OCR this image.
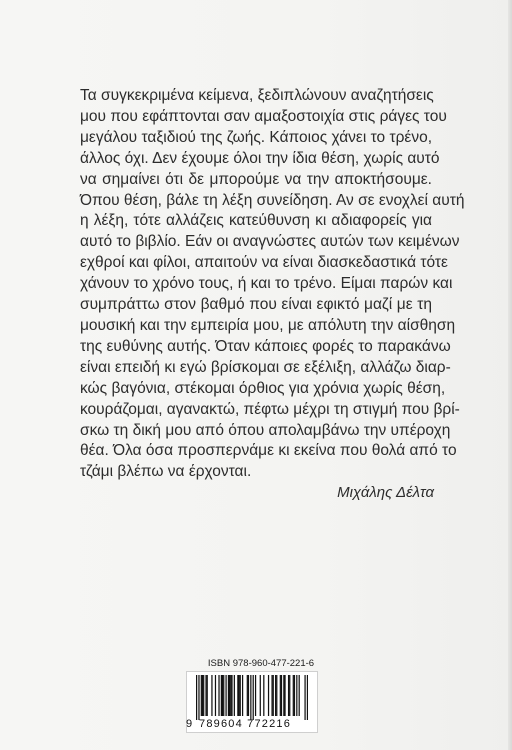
Τα συγκεκριμένα κείμενα, ξεδιπλώνουν αναζητήσεις
μου που εφάπτονται σαν αμαξοστοιχία στις ράγες του
μεγάλου ταξιδιού της ζωής. Κάποιος χάνει το τρένο,
άλλος όχι. Δεν έχουμε όλοι την ίδια θέση, χωρίς αυτό
να σημαίνει ότι δε μπορούμε να την αποκτήσουμε.
Όπου θέση, βάλε τη λέξη συνείδηση. Αν σε ενοχλεί αυτή
η λέξη, τότε αλλάζεις κατεύθυνση κι αδιαφορείς για
αυτό το βιβλίο. Εάν οι αναγνώστες αυτών των κειμένων
εχθροί και φίλοι, απαιτούν να είναι διασκεδαστικά τότε
χάνουν το χρόνο τους, ή και το τρένο. Είμαι παρών και
συμπράττω στον βαθμό που είναι εφικτό μαζί με τη
μουσική και την εμπειρία μου, με απόλυτη την αίσθηση
της ευθύνης αυτής. Όταν κάποιες φορές το παρακάνω
είναι επειδή κι εγώ βρίσκομαι σε εξέλιξη, αλλάζω διαρ-
κώς βαγόνια, στέκομαι όρθιος για χρόνια χωρίς θέση,
κουράζομαι, αγανακτώ, πέφτω μέχρι τη στιγμή που βρί-
σκω τη δική μου από όπου απολαμβάνω την υπέροχη
θέα. Όλα όσα προσπερνάμε κι εκείνα που θολά από το
τζάμι βλέπω να έρχονται.
Μιχάλης Δέλτα
ISBN 978-960-477-221-6
9 789604 772216
